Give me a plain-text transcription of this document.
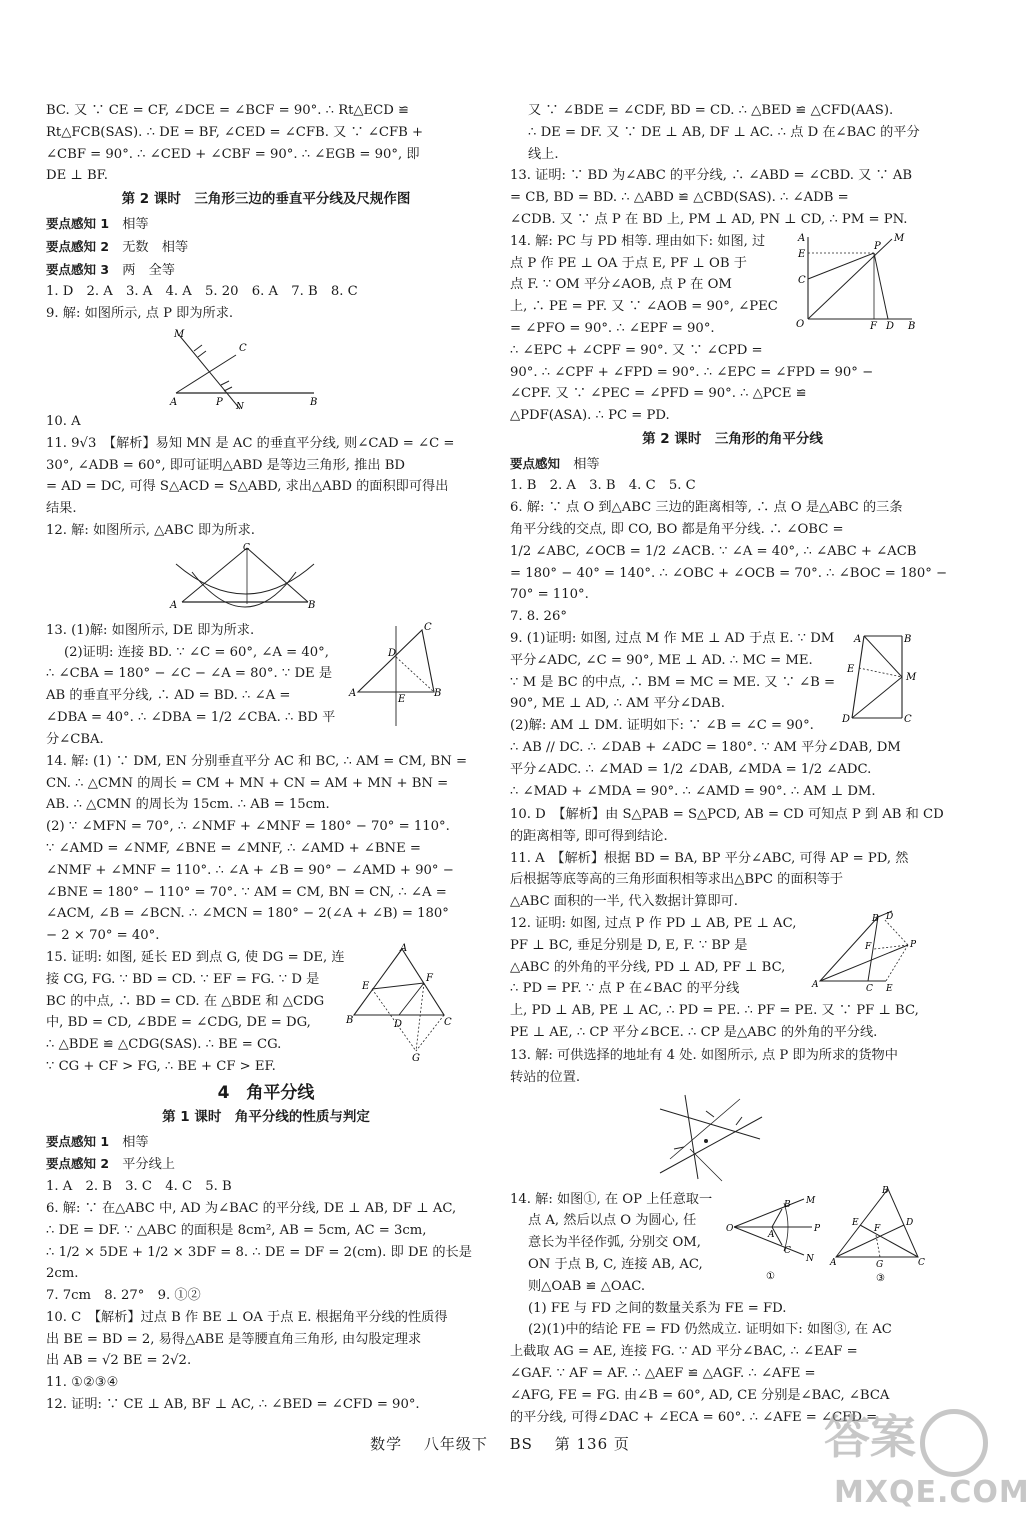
BC. 又 ∵ CE = CF, ∠DCE = ∠BCF = 90°. ∴ Rt△ECD ≌
Rt△FCB(SAS). ∴ DE = BF, ∠CED = ∠CFB. 又 ∵ ∠CFB +
∠CBF = 90°. ∴ ∠CED + ∠CBF = 90°. ∴ ∠EGB = 90°, 即
DE ⊥ BF.
第 2 课时　三角形三边的垂直平分线及尺规作图
要点感知 1　 相等
要点感知 2　 无数　相等
要点感知 3　 两　全等
1. D　2. A　3. A　4. A　5. 20　6. A　7. B　8. C
9. 解: 如图所示, 点 P 即为所求.
M
C
A	P N	B
10. A
11. 9√3　【解析】易知 MN 是 AC 的垂直平分线, 则∠CAD = ∠C =
30°, ∠ADB = 60°, 即可证明△ABD 是等边三角形, 推出 BD
= AD = DC, 可得 S△ACD = S△ABD, 求出△ABD 的面积即可得出
结果.
12. 解: 如图所示, △ABC 即为所求.
C
A	B
13. (1)解: 如图所示, DE 即为所求.
(2)证明: 连接 BD. ∵ ∠C = 60°, ∠A = 40°,
∴ ∠CBA = 180° − ∠C − ∠A = 80°. ∵ DE 是
AB 的垂直平分线, ∴ AD = BD. ∴ ∠A =
∠DBA = 40°. ∴ ∠DBA = 1/2 ∠CBA. ∴ BD 平
分∠CBA.
C
D
A
E
B
14. 解: (1) ∵ DM, EN 分别垂直平分 AC 和 BC, ∴ AM = CM, BN =
CN. ∴ △CMN 的周长 = CM + MN + CN = AM + MN + BN =
AB. ∴ △CMN 的周长为 15cm. ∴ AB = 15cm.
(2) ∵ ∠MFN = 70°, ∴ ∠NMF + ∠MNF = 180° − 70° = 110°.
∵ ∠AMD = ∠NMF, ∠BNE = ∠MNF, ∴ ∠AMD + ∠BNE =
∠NMF + ∠MNF = 110°. ∴ ∠A + ∠B = 90° − ∠AMD + 90° −
∠BNE = 180° − 110° = 70°. ∵ AM = CM, BN = CN, ∴ ∠A =
∠ACM, ∠B = ∠BCN. ∴ ∠MCN = 180° − 2(∠A + ∠B) = 180°
− 2 × 70° = 40°.
15. 证明: 如图, 延长 ED 到点 G, 使 DG = DE, 连
接 CG, FG. ∵ BD = CD. ∵ EF = FG. ∵ D 是
BC 的中点, ∴ BD = CD. 在 △BDE 和 △CDG
中, BD = CD, ∠BDE = ∠CDG, DE = DG,
∴ △BDE ≌ △CDG(SAS). ∴ BE = CG.
∵ CG + CF > FG, ∴ BE + CF > EF.
A
E
F
B	D	C
G
4　角平分线
第 1 课时　角平分线的性质与判定
要点感知 1　 相等
要点感知 2　 平分线上
1. A　2. B　3. C　4. C　5. B
6. 解: ∵ 在△ABC 中, AD 为∠BAC 的平分线, DE ⊥ AB, DF ⊥ AC,
∴ DE = DF. ∵ △ABC 的面积是 8cm², AB = 5cm, AC = 3cm,
∴ 1/2 × 5DE + 1/2 × 3DF = 8. ∴ DE = DF = 2(cm). 即 DE 的长是
2cm.
7. 7cm　8. 27°　9. ①②
10. C　【解析】过点 B 作 BE ⊥ OA 于点 E. 根据角平分线的性质得
出 BE = BD = 2, 易得△ABE 是等腰直角三角形, 由勾股定理求
出 AB = √2 BE = 2√2.
11. ①②③④
12. 证明: ∵ CE ⊥ AB, BF ⊥ AC, ∴ ∠BED = ∠CFD = 90°.
又 ∵ ∠BDE = ∠CDF, BD = CD. ∴ △BED ≌ △CFD(AAS).
∴ DE = DF. 又 ∵ DE ⊥ AB, DF ⊥ AC. ∴ 点 D 在∠BAC 的平分
线上.
13. 证明: ∵ BD 为∠ABC 的平分线, ∴ ∠ABD = ∠CBD. 又 ∵ AB
= CB, BD = BD. ∴ △ABD ≌ △CBD(SAS). ∴ ∠ADB =
∠CDB. 又 ∵ 点 P 在 BD 上, PM ⊥ AD, PN ⊥ CD, ∴ PM = PN.
14. 解: PC 与 PD 相等. 理由如下: 如图, 过
点 P 作 PE ⊥ OA 于点 E, PF ⊥ OB 于
点 F. ∵ OM 平分∠AOB, 点 P 在 OM
上, ∴ PE = PF. 又 ∵ ∠AOB = 90°, ∠PEC
= ∠PFO = 90°. ∴ ∠EPF = 90°.
∴ ∠EPC + ∠CPF = 90°. 又 ∵ ∠CPD =
90°. ∴ ∠CPF + ∠FPD = 90°. ∴ ∠EPC = ∠FPD = 90° −
∠CPF. 又 ∵ ∠PEC = ∠PFD = 90°. ∴ △PCE ≌
△PDF(ASA). ∴ PC = PD.
A	M
E
P
C
O	F D B
第 2 课时　三角形的角平分线
要点感知　 相等
1. B　2. A　3. B　4. C　5. C
6. 解: ∵ 点 O 到△ABC 三边的距离相等, ∴ 点 O 是△ABC 的三条
角平分线的交点, 即 CO, BO 都是角平分线. ∴ ∠OBC =
1/2 ∠ABC, ∠OCB = 1/2 ∠ACB. ∵ ∠A = 40°, ∴ ∠ABC + ∠ACB
= 180° − 40° = 140°. ∴ ∠OBC + ∠OCB = 70°. ∴ ∠BOC = 180° −
70° = 110°.
7. 8. 26°
9. (1)证明: 如图, 过点 M 作 ME ⊥ AD 于点 E. ∵ DM
平分∠ADC, ∠C = 90°, ME ⊥ AD. ∴ MC = ME.
∵ M 是 BC 的中点, ∴ BM = MC = ME. 又 ∵ ∠B =
90°, ME ⊥ AD, ∴ AM 平分∠DAB.
(2)解: AM ⊥ DM. 证明如下: ∵ ∠B = ∠C = 90°.
∴ AB // DC. ∴ ∠DAB + ∠ADC = 180°. ∵ AM 平分∠DAB, DM
平分∠ADC. ∴ ∠MAD = 1/2 ∠DAB, ∠MDA = 1/2 ∠ADC.
∴ ∠MAD + ∠MDA = 90°. ∴ ∠AMD = 90°. ∴ AM ⊥ DM.
A	B
E
M
D	C
10. D　【解析】由 S△PAB = S△PCD, AB = CD 可知点 P 到 AB 和 CD
的距离相等, 即可得到结论.
11. A　【解析】根据 BD = BA, BP 平分∠ABC, 可得 AP = PD, 然
后根据等底等高的三角形面积相等求出△BPC 的面积等于
△ABC 面积的一半, 代入数据计算即可.
12. 证明: 如图, 过点 P 作 PD ⊥ AB, PE ⊥ AC,
PF ⊥ BC, 垂足分别是 D, E, F. ∵ BP 是
△ABC 的外角的平分线, PD ⊥ AD, PF ⊥ BC,
∴ PD = PF. ∵ 点 P 在∠BAC 的平分线
上, PD ⊥ AB, PE ⊥ AC, ∴ PD = PE. ∴ PF = PE. 又 ∵ PF ⊥ BC,
PE ⊥ AE, ∴ CP 平分∠BCE. ∴ CP 是△ABC 的外角的平分线.
B D
F	P
A	C E
13. 解: 可供选择的地址有 4 处. 如图所示, 点 P 即为所求的货物中
转站的位置.
14. 解: 如图①, 在 OP 上任意取一
点 A, 然后以点 O 为圆心, 任
意长为半径作弧, 分别交 OM,
ON 于点 B, C, 连接 AB, AC,
则△OAB ≌ △OAC.
(1) FE 与 FD 之间的数量关系为 FE = FD.
(2)(1)中的结论 FE = FD 仍然成立. 证明如下: 如图③, 在 AC
上截取 AG = AE, 连接 FG. ∵ AD 平分∠BAC, ∴ ∠EAF =
∠GAF. ∵ AF = AF. ∴ △AEF ≌ △AGF. ∴ ∠AFE =
∠AFG, FE = FG. 由∠B = 60°, AD, CE 分别是∠BAC, ∠BCA
的平分线, 可得∠DAC + ∠ECA = 60°. ∴ ∠AFE = ∠CFD =
O
A
B M
P
C
N
①
B
E
F
D
A	G	C
③
数学 　 八年级下 　 BS 　 第 136 页	答案
MXQE.COM
